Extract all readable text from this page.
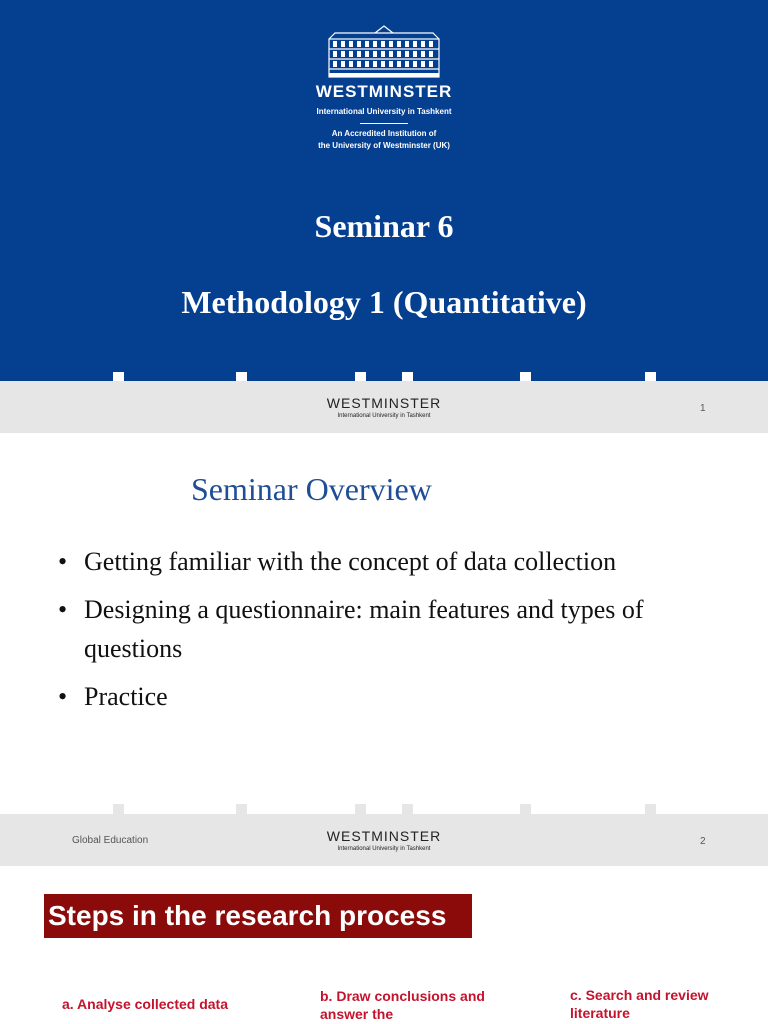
WESTMINSTER
International University in Tashkent
An Accredited Institution of
the University of Westminster (UK)
Seminar 6
Methodology 1 (Quantitative)
WESTMINSTER
International University in Tashkent
1
Seminar Overview
• Getting familiar with the concept of data collection
• Designing a questionnaire: main features and types of questions
• Practice
Global Education	WESTMINSTER
International University in Tashkent
2
Steps in the research process
a. Analyse collected data	b. Draw conclusions and answer the
c. Search and review literature
